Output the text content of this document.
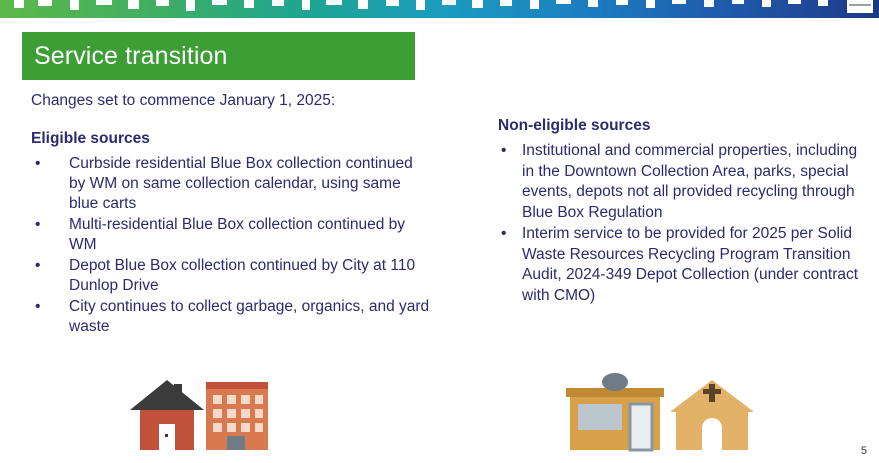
Service transition
Changes set to commence January 1, 2025:
Eligible sources
• Curbside residential Blue Box collection continued by WM on same collection calendar, using same blue carts
• Multi-residential Blue Box collection continued by WM
• Depot Blue Box collection continued by City at 110 Dunlop Drive
• City continues to collect garbage, organics, and yard waste
Non-eligible sources
• Institutional and commercial properties, including in the Downtown Collection Area, parks, special events, depots not all provided recycling through Blue Box Regulation
• Interim service to be provided for 2025 per Solid Waste Resources Recycling Program Transition Audit, 2024-349 Depot Collection (under contract with CMO)
5
